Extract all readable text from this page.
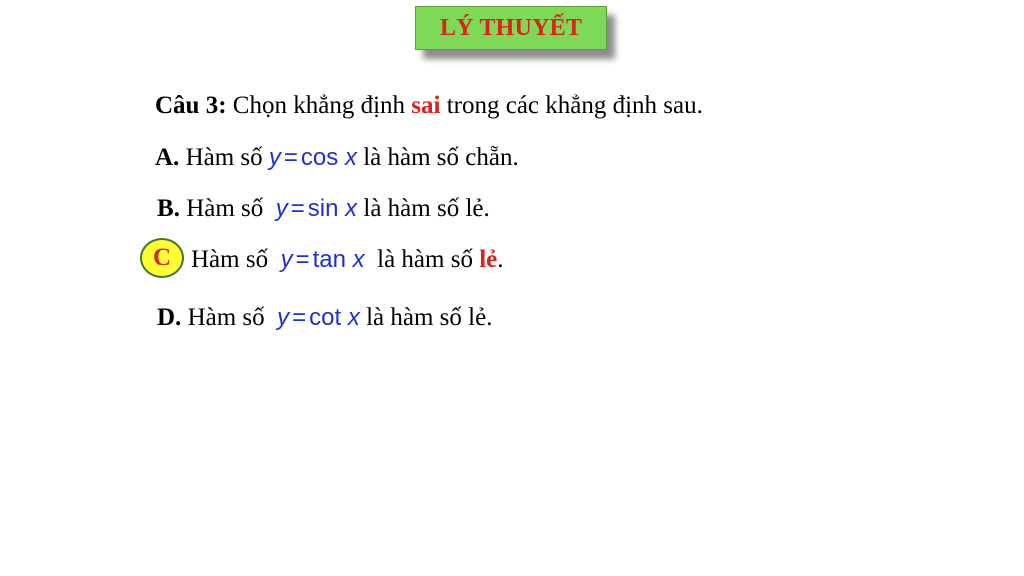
LÝ THUYẾT
Câu 3: Chọn khẳng định sai trong các khẳng định sau.
A. Hàm số y = cos x là hàm số chẵn.
B. Hàm số y = sin x là hàm số lẻ.
C Hàm số y = tan x là hàm số lẻ.
D. Hàm số y = cot x là hàm số lẻ.
